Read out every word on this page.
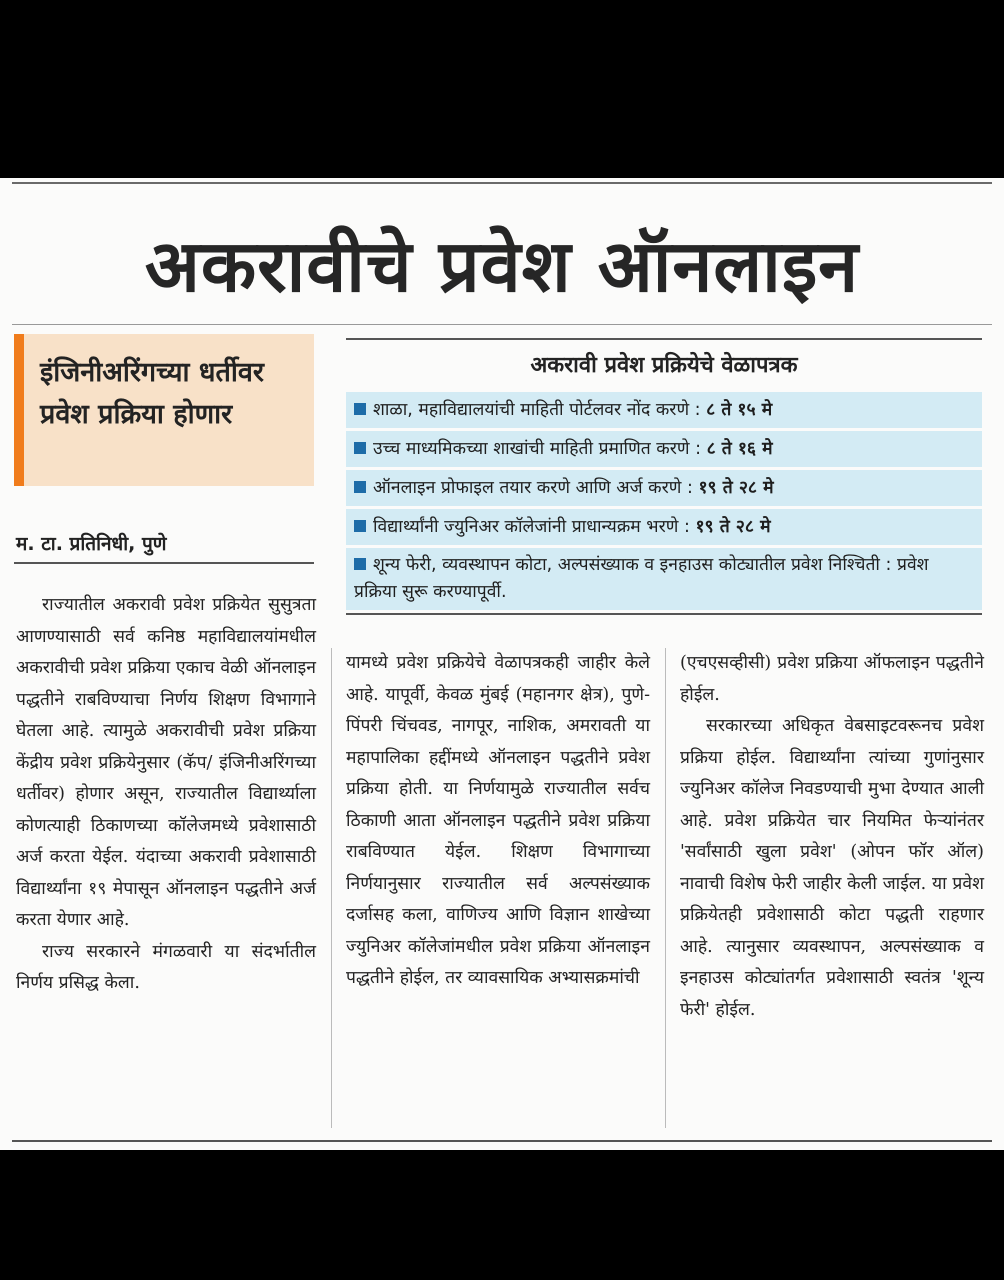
अकरावीचे प्रवेश ऑनलाइन
इंजिनीअरिंगच्या धर्तीवर प्रवेश प्रक्रिया होणार
म. टा. प्रतिनिधी, पुणे
अकरावी प्रवेश प्रक्रियेचे वेळापत्रक
शाळा, महाविद्यालयांची माहिती पोर्टलवर नोंद करणे : ८ ते १५ मे
उच्च माध्यमिकच्या शाखांची माहिती प्रमाणित करणे : ८ ते १६ मे
ऑनलाइन प्रोफाइल तयार करणे आणि अर्ज करणे : १९ ते २८ मे
विद्यार्थ्यांनी ज्युनिअर कॉलेजांनी प्राधान्यक्रम भरणे : १९ ते २८ मे
शून्य फेरी, व्यवस्थापन कोटा, अल्पसंख्याक व इनहाउस कोट्यातील प्रवेश निश्चिती : प्रवेश प्रक्रिया सुरू करण्यापूर्वी.

राज्यातील अकरावी प्रवेश प्रक्रियेत सुसुत्रता आणण्यासाठी सर्व कनिष्ठ महाविद्यालयांमधील अकरावीची प्रवेश प्रक्रिया एकाच वेळी ऑनलाइन पद्धतीने राबविण्याचा निर्णय शिक्षण विभागाने घेतला आहे. त्यामुळे अकरावीची प्रवेश प्रक्रिया केंद्रीय प्रवेश प्रक्रियेनुसार (कॅप/ इंजिनीअरिंगच्या धर्तीवर) होणार असून, राज्यातील विद्यार्थ्याला कोणत्याही ठिकाणच्या कॉलेजमध्ये प्रवेशासाठी अर्ज करता येईल. यंदाच्या अकरावी प्रवेशासाठी विद्यार्थ्यांना १९ मेपासून ऑनलाइन पद्धतीने अर्ज करता येणार आहे.

राज्य सरकारने मंगळवारी या संदर्भातील निर्णय प्रसिद्ध केला.

यामध्ये प्रवेश प्रक्रियेचे वेळापत्रकही जाहीर केले आहे. यापूर्वी, केवळ मुंबई (महानगर क्षेत्र), पुणे-पिंपरी चिंचवड, नागपूर, नाशिक, अमरावती या महापालिका हद्दींमध्ये ऑनलाइन पद्धतीने प्रवेश प्रक्रिया होती. या निर्णयामुळे राज्यातील सर्वच ठिकाणी आता ऑनलाइन पद्धतीने प्रवेश प्रक्रिया राबविण्यात येईल. शिक्षण विभागाच्या निर्णयानुसार राज्यातील सर्व अल्पसंख्याक दर्जासह कला, वाणिज्य आणि विज्ञान शाखेच्या ज्युनिअर कॉलेजांमधील प्रवेश प्रक्रिया ऑनलाइन पद्धतीने होईल, तर व्यावसायिक अभ्यासक्रमांची

(एचएसव्हीसी) प्रवेश प्रक्रिया ऑफलाइन पद्धतीने होईल.

सरकारच्या अधिकृत वेबसाइटवरूनच प्रवेश प्रक्रिया होईल. विद्यार्थ्यांना त्यांच्या गुणांनुसार ज्युनिअर कॉलेज निवडण्याची मुभा देण्यात आली आहे. प्रवेश प्रक्रियेत चार नियमित फेऱ्यांनंतर 'सर्वांसाठी खुला प्रवेश' (ओपन फॉर ऑल) नावाची विशेष फेरी जाहीर केली जाईल. या प्रवेश प्रक्रियेतही प्रवेशासाठी कोटा पद्धती राहणार आहे. त्यानुसार व्यवस्थापन, अल्पसंख्याक व इनहाउस कोट्यांतर्गत प्रवेशासाठी स्वतंत्र 'शून्य फेरी' होईल.
